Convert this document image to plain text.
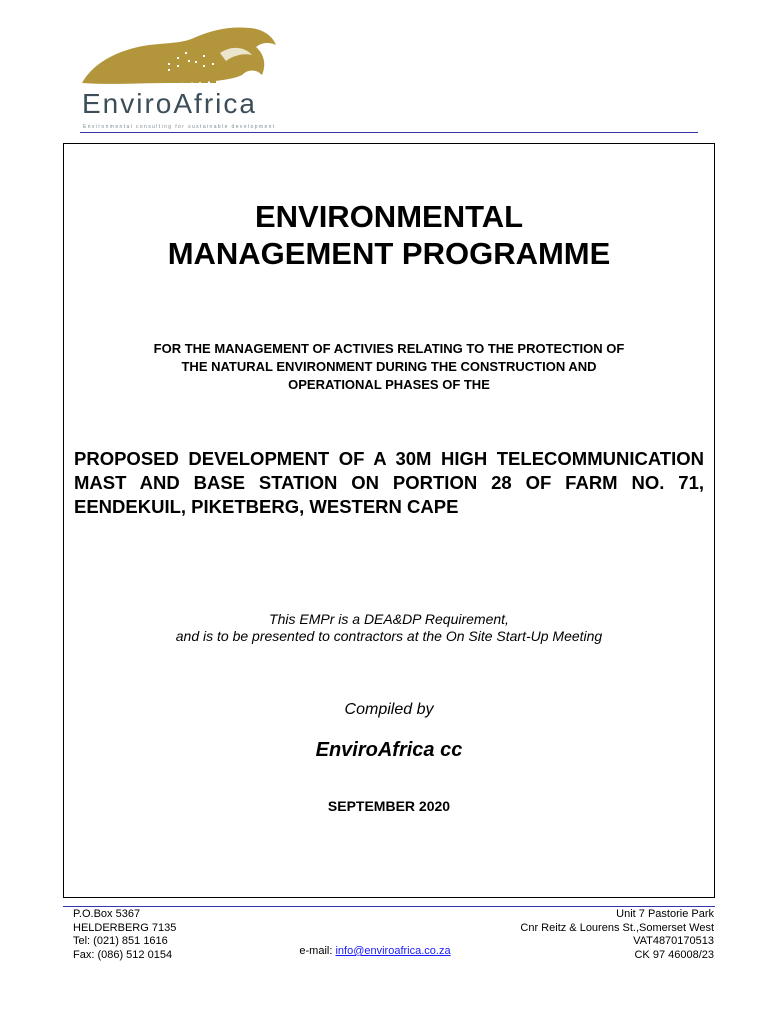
EnviroAfrica
Environmental consulting for sustainable development
ENVIRONMENTAL
MANAGEMENT PROGRAMME
FOR THE MANAGEMENT OF ACTIVIES RELATING TO THE PROTECTION OF
THE NATURAL ENVIRONMENT DURING THE CONSTRUCTION AND
OPERATIONAL PHASES OF THE
PROPOSED DEVELOPMENT OF A 30M HIGH TELECOMMUNICATION MAST AND BASE STATION ON PORTION 28 OF FARM NO. 71, EENDEKUIL, PIKETBERG, WESTERN CAPE
This EMPr is a DEA&DP Requirement,
and is to be presented to contractors at the On Site Start-Up Meeting
Compiled by
EnviroAfrica cc
SEPTEMBER 2020
P.O.Box 5367
HELDERBERG 7135
Tel: (021) 851 1616
Fax: (086) 512 0154	e-mail: info@enviroafrica.co.za
Unit 7 Pastorie Park
Cnr Reitz & Lourens St.,Somerset West
VAT4870170513
CK 97 46008/23
